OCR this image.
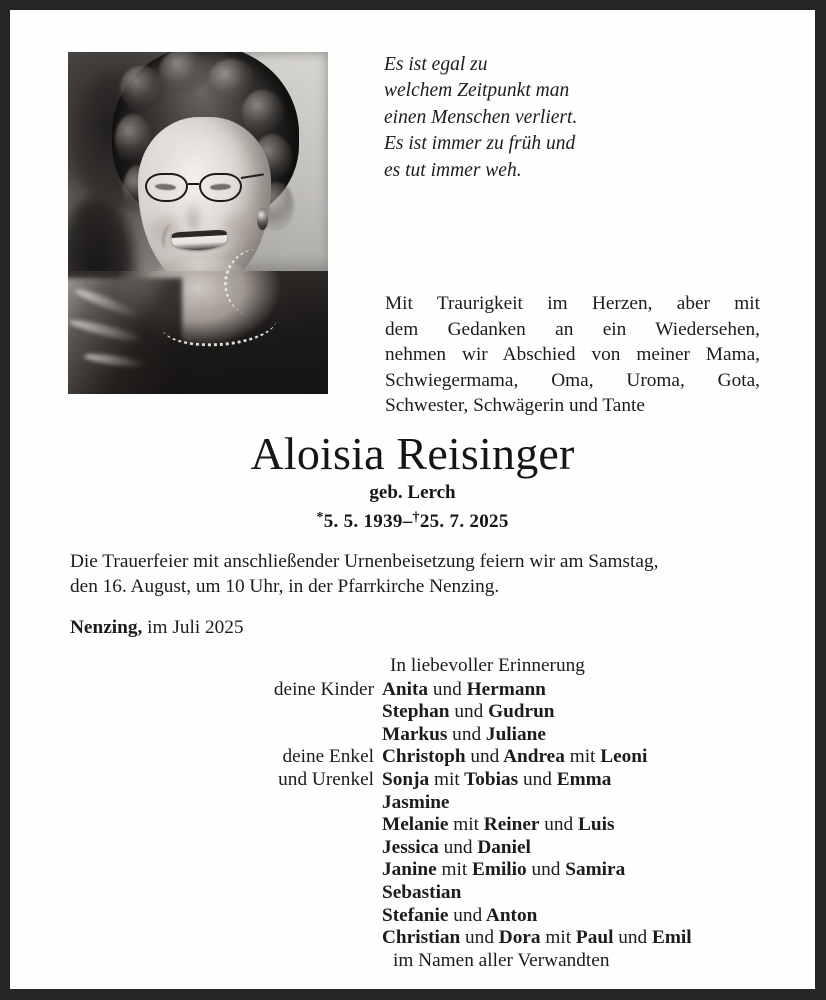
Es ist egal zu
welchem Zeitpunkt man
einen Menschen verliert.
Es ist immer zu früh und
es tut immer weh.
Mit Traurigkeit im Herzen, aber mit
dem Gedanken an ein Wiedersehen,
nehmen wir Abschied von meiner Mama,
Schwiegermama, Oma, Uroma, Gota,
Schwester, Schwägerin und Tante
Aloisia Reisinger
geb. Lerch
*5. 5. 1939–†25. 7. 2025
Die Trauerfeier mit anschließender Urnenbeisetzung feiern wir am Samstag,
den 16. August, um 10 Uhr, in der Pfarrkirche Nenzing.
Nenzing, im Juli 2025
In liebevoller Erinnerung
deine Kinder Anita und Hermann
Stephan und Gudrun
Markus und Juliane
deine Enkel Christoph und Andrea mit Leoni
und Urenkel Sonja mit Tobias und Emma
Jasmine
Melanie mit Reiner und Luis
Jessica und Daniel
Janine mit Emilio und Samira
Sebastian
Stefanie und Anton
Christian und Dora mit Paul und Emil
im Namen aller Verwandten
